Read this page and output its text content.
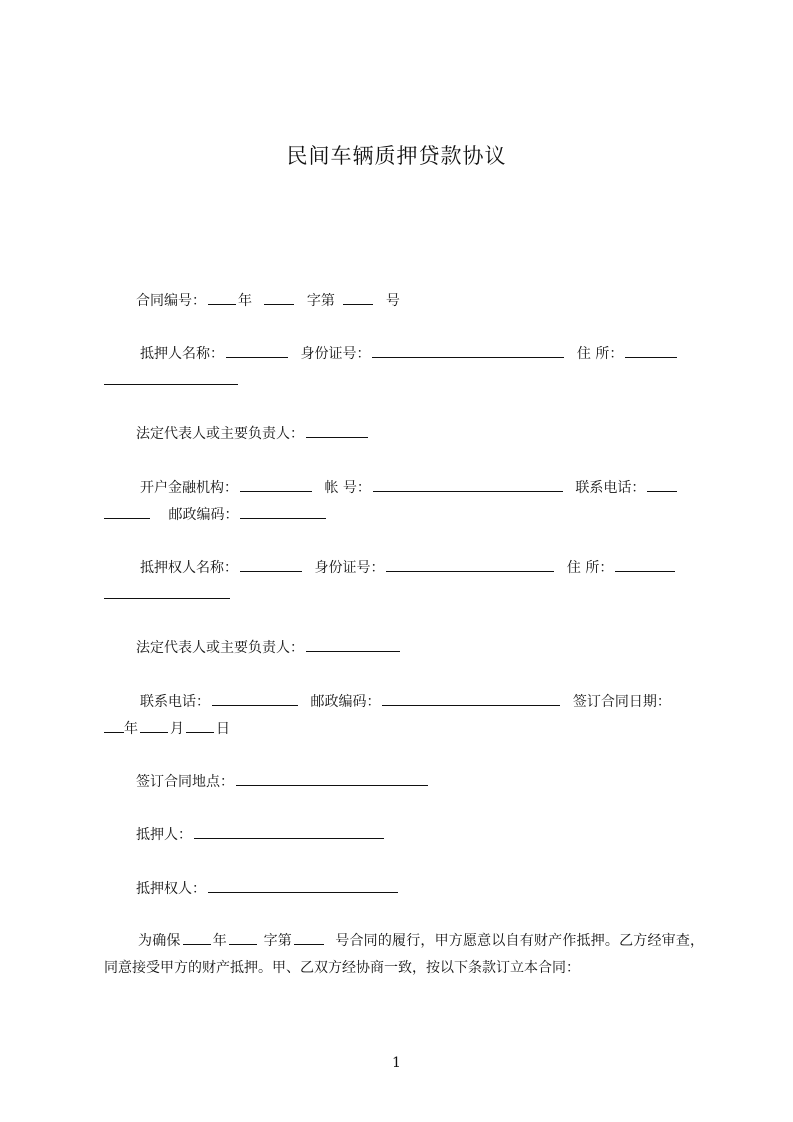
民间车辆质押贷款协议
合同编号： 年	字第	号
抵押人名称：	身份证号：	住 所：
法定代表人或主要负责人：
开户金融机构：	帐 号：	联系电话：
邮政编码：
抵押权人名称：	身份证号：	住 所：
法定代表人或主要负责人：
联系电话：	邮政编码：	签订合同日期：
年 月 日
签订合同地点：
抵押人：
抵押权人：
为确保 年	字第	号合同的履行，甲方愿意以自有财产作抵押。乙方经审查，同意接受甲方的财产抵押。甲、乙双方经协商一致，按以下条款订立本合同：
1
